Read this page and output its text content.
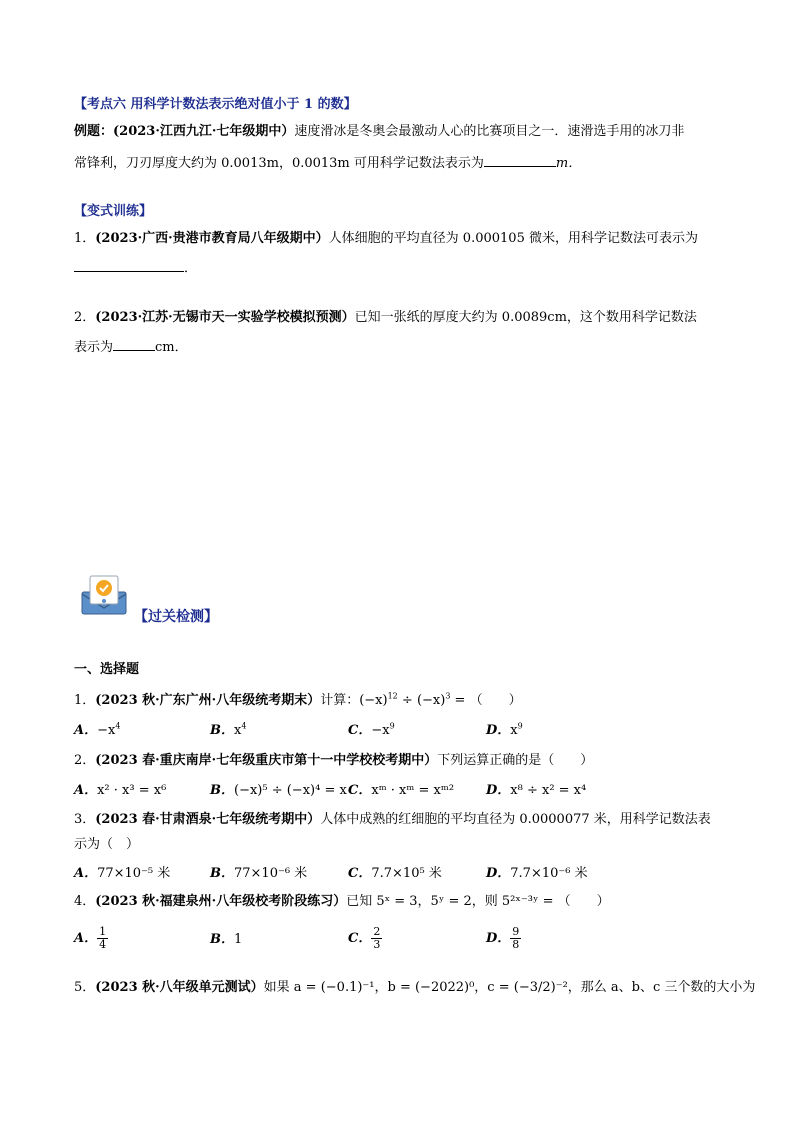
【考点六 用科学计数法表示绝对值小于 1 的数】
例题：(2023·江西九江·七年级期中）速度滑冰是冬奥会最激动人心的比赛项目之一．速滑选手用的冰刀非
常锋利，刀刃厚度大约为 0.0013m，0.0013m 可用科学记数法表示为	m．
【变式训练】
1．(2023·广西·贵港市教育局八年级期中）人体细胞的平均直径为 0.000105 微米，用科学记数法可表示为
．
2．(2023·江苏·无锡市天一实验学校模拟预测）已知一张纸的厚度大约为 0.0089cm，这个数用科学记数法
表示为	cm．
【过关检测】
一、选择题
1．(2023 秋·广东广州·八年级统考期末）计算：$(-x)^{12} \div (-x)^3$ = （　　）
A．$-x^4$	B．$x^4$	C．$-x^9$	D．$x^9$
2．(2023 春·重庆南岸·七年级重庆市第十一中学校校考期中）下列运算正确的是（　　）
A．x² · x³ = x⁶	B．(−x)⁵ ÷ (−x)⁴ = x C．xᵐ · xᵐ = xᵐ² D．x⁸ ÷ x² = x⁴
3．(2023 春·甘肃酒泉·七年级统考期中）人体中成熟的红细胞的平均直径为 0.0000077 米，用科学记数法表
示为（　）
A．77×10⁻⁵ 米	B．77×10⁻⁶ 米	C．7.7×10⁵ 米	D．7.7×10⁻⁶ 米
4．(2023 秋·福建泉州·八年级校考阶段练习）已知 5ˣ = 3，5ʸ = 2，则 5²ˣ⁻³ʸ = （　　）
A． $\frac{1}{4}$	B．1	C． $\frac{2}{3}$	D． $\frac{9}{8}$
5．(2023 秋·八年级单元测试）如果 a = (−0.1)⁻¹，b = (−2022)⁰，c = (−3/2)⁻²，那么 a、b、c 三个数的大小为
